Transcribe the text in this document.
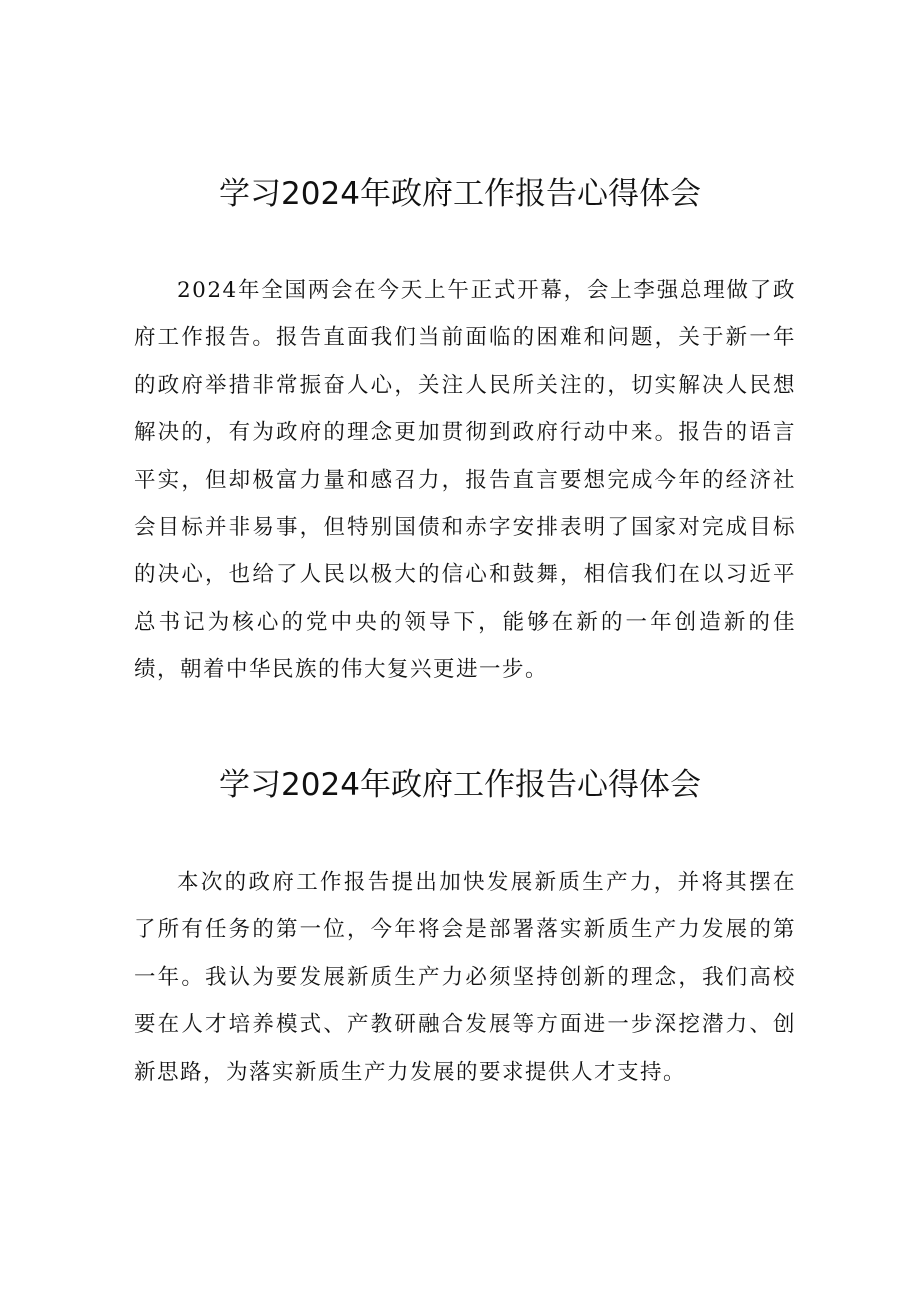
学习2024年政府工作报告心得体会

2024年全国两会在今天上午正式开幕，会上李强总理做了政府工作报告。报告直面我们当前面临的困难和问题，关于新一年的政府举措非常振奋人心，关注人民所关注的，切实解决人民想解决的，有为政府的理念更加贯彻到政府行动中来。报告的语言平实，但却极富力量和感召力，报告直言要想完成今年的经济社会目标并非易事，但特别国债和赤字安排表明了国家对完成目标的决心，也给了人民以极大的信心和鼓舞，相信我们在以习近平总书记为核心的党中央的领导下，能够在新的一年创造新的佳绩，朝着中华民族的伟大复兴更进一步。

学习2024年政府工作报告心得体会

本次的政府工作报告提出加快发展新质生产力，并将其摆在了所有任务的第一位，今年将会是部署落实新质生产力发展的第一年。我认为要发展新质生产力必须坚持创新的理念，我们高校要在人才培养模式、产教研融合发展等方面进一步深挖潜力、创新思路，为落实新质生产力发展的要求提供人才支持。
